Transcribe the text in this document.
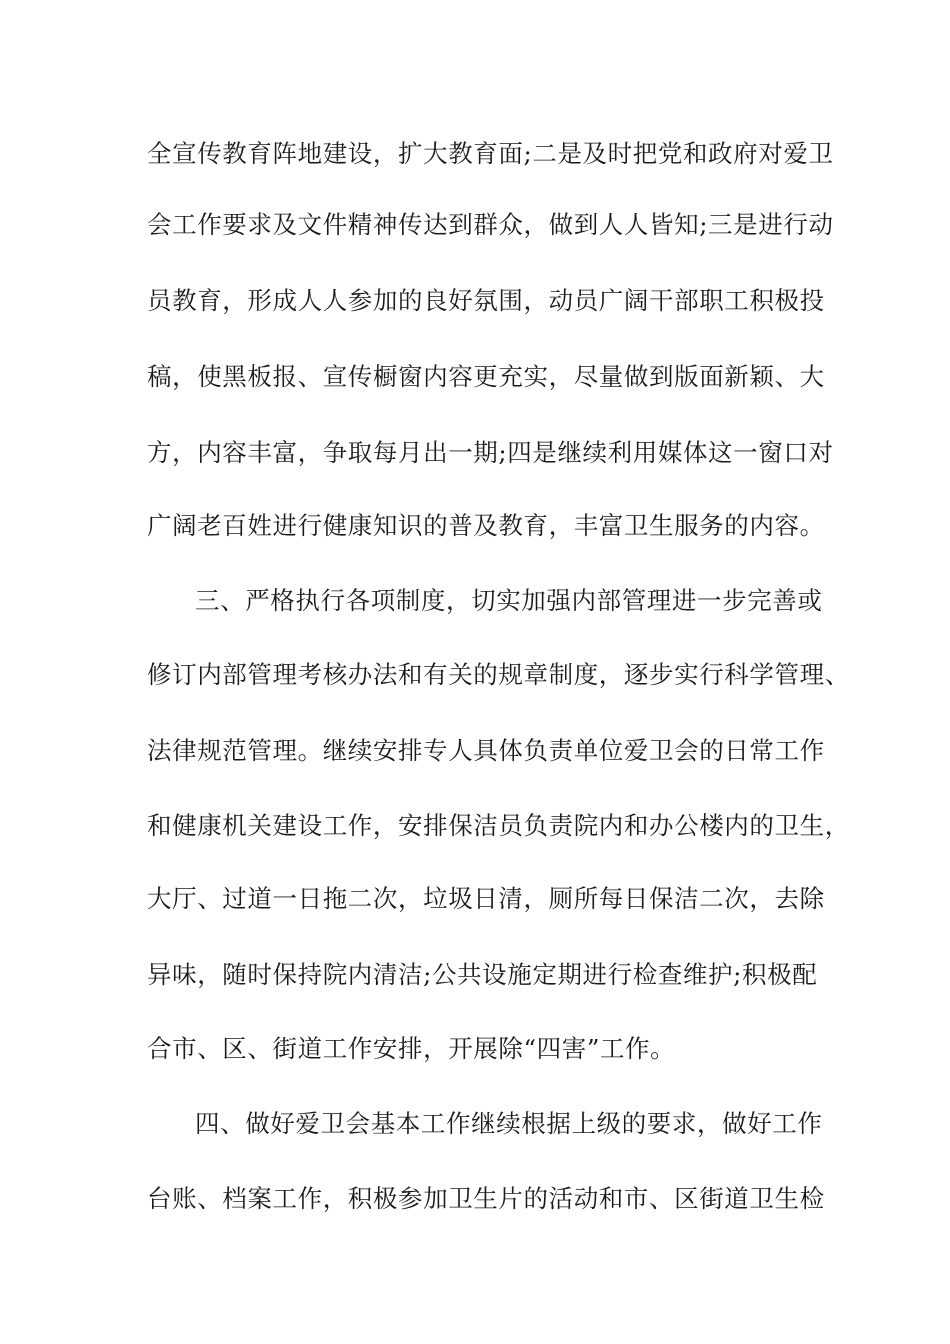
全宣传教育阵地建设，扩大教育面;二是及时把党和政府对爱卫
会工作要求及文件精神传达到群众，做到人人皆知;三是进行动
员教育，形成人人参加的良好氛围，动员广阔干部职工积极投
稿，使黑板报、宣传橱窗内容更充实，尽量做到版面新颖、大
方，内容丰富，争取每月出一期;四是继续利用媒体这一窗口对
广阔老百姓进行健康知识的普及教育，丰富卫生服务的内容。
三、严格执行各项制度，切实加强内部管理进一步完善或
修订内部管理考核办法和有关的规章制度，逐步实行科学管理、
法律规范管理。继续安排专人具体负责单位爱卫会的日常工作
和健康机关建设工作，安排保洁员负责院内和办公楼内的卫生，
大厅、过道一日拖二次，垃圾日清，厕所每日保洁二次，去除
异味，随时保持院内清洁;公共设施定期进行检查维护;积极配
合市、区、街道工作安排，开展除“四害”工作。
四、做好爱卫会基本工作继续根据上级的要求，做好工作
台账、档案工作，积极参加卫生片的活动和市、区街道卫生检
